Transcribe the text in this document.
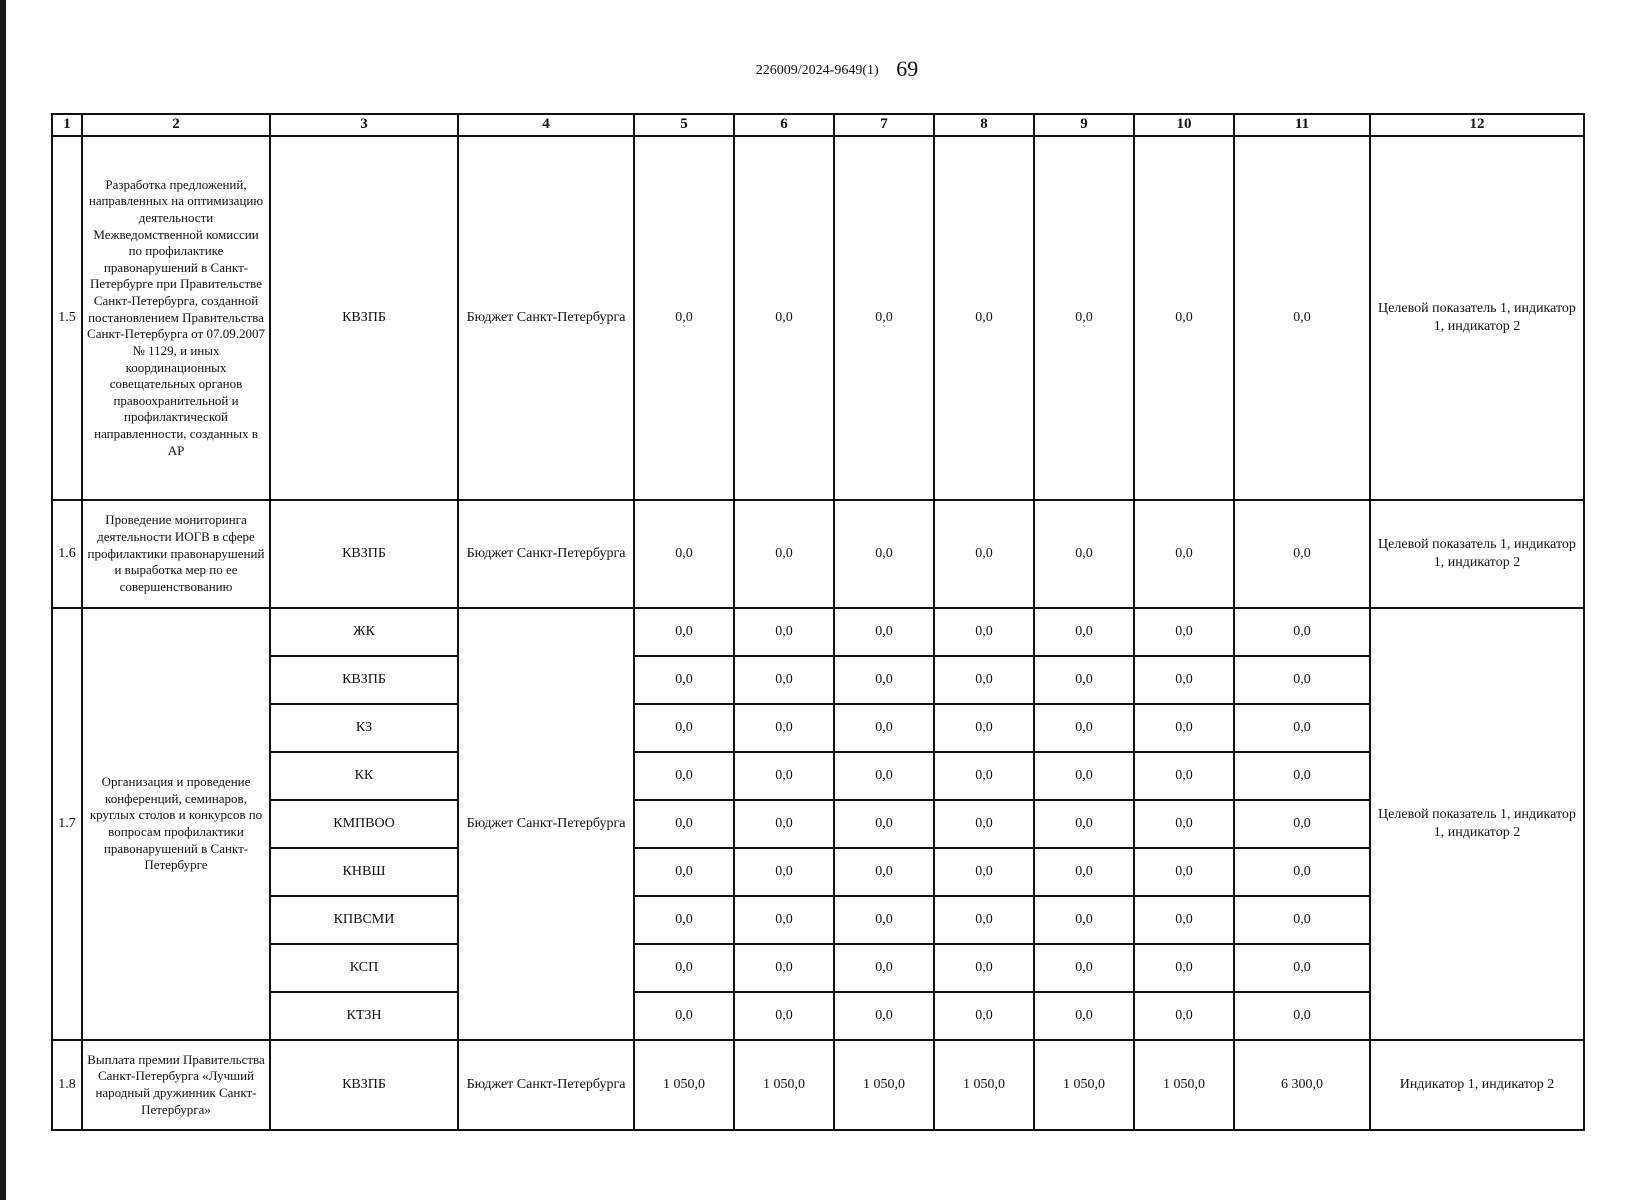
226009/2024-9649(1) 69
1	2	3	4	5	6	7	8	9	10	11	12
1.5	Разработка предложений, направленных на оптимизацию деятельности Межведомственной комиссии по профилактике правонарушений в Санкт-Петербурге при Правительстве Санкт-Петербурга, созданной постановлением Правительства Санкт-Петербурга от 07.09.2007 № 1129, и иных координационных совещательных органов правоохранительной и профилактической направленности, созданных в АР	КВЗПБ	Бюджет Санкт-Петербурга	0,0	0,0	0,0	0,0	0,0	0,0	0,0	Целевой показатель 1, индикатор 1, индикатор 2
1.6	Проведение мониторинга деятельности ИОГВ в сфере профилактики правонарушений и выработка мер по ее совершенствованию	КВЗПБ	Бюджет Санкт-Петербурга	0,0	0,0	0,0	0,0	0,0	0,0	0,0	Целевой показатель 1, индикатор 1, индикатор 2
1.7	Организация и проведение конференций, семинаров, круглых столов и конкурсов по вопросам профилактики правонарушений в Санкт-Петербурге	ЖК	Бюджет Санкт-Петербурга	0,0	0,0	0,0	0,0	0,0	0,0	0,0	Целевой показатель 1, индикатор 1, индикатор 2
		КВЗПБ		0,0	0,0	0,0	0,0	0,0	0,0	0,0	
		КЗ		0,0	0,0	0,0	0,0	0,0	0,0	0,0	
		КК		0,0	0,0	0,0	0,0	0,0	0,0	0,0	
		КМПВОО		0,0	0,0	0,0	0,0	0,0	0,0	0,0	
		КНВШ		0,0	0,0	0,0	0,0	0,0	0,0	0,0	
		КПВСМИ		0,0	0,0	0,0	0,0	0,0	0,0	0,0	
		КСП		0,0	0,0	0,0	0,0	0,0	0,0	0,0	
		КТЗН		0,0	0,0	0,0	0,0	0,0	0,0	0,0	
1.8	Выплата премии Правительства Санкт-Петербурга «Лучший народный дружинник Санкт-Петербурга»	КВЗПБ	Бюджет Санкт-Петербурга	1 050,0	1 050,0	1 050,0	1 050,0	1 050,0	1 050,0	6 300,0	Индикатор 1, индикатор 2
